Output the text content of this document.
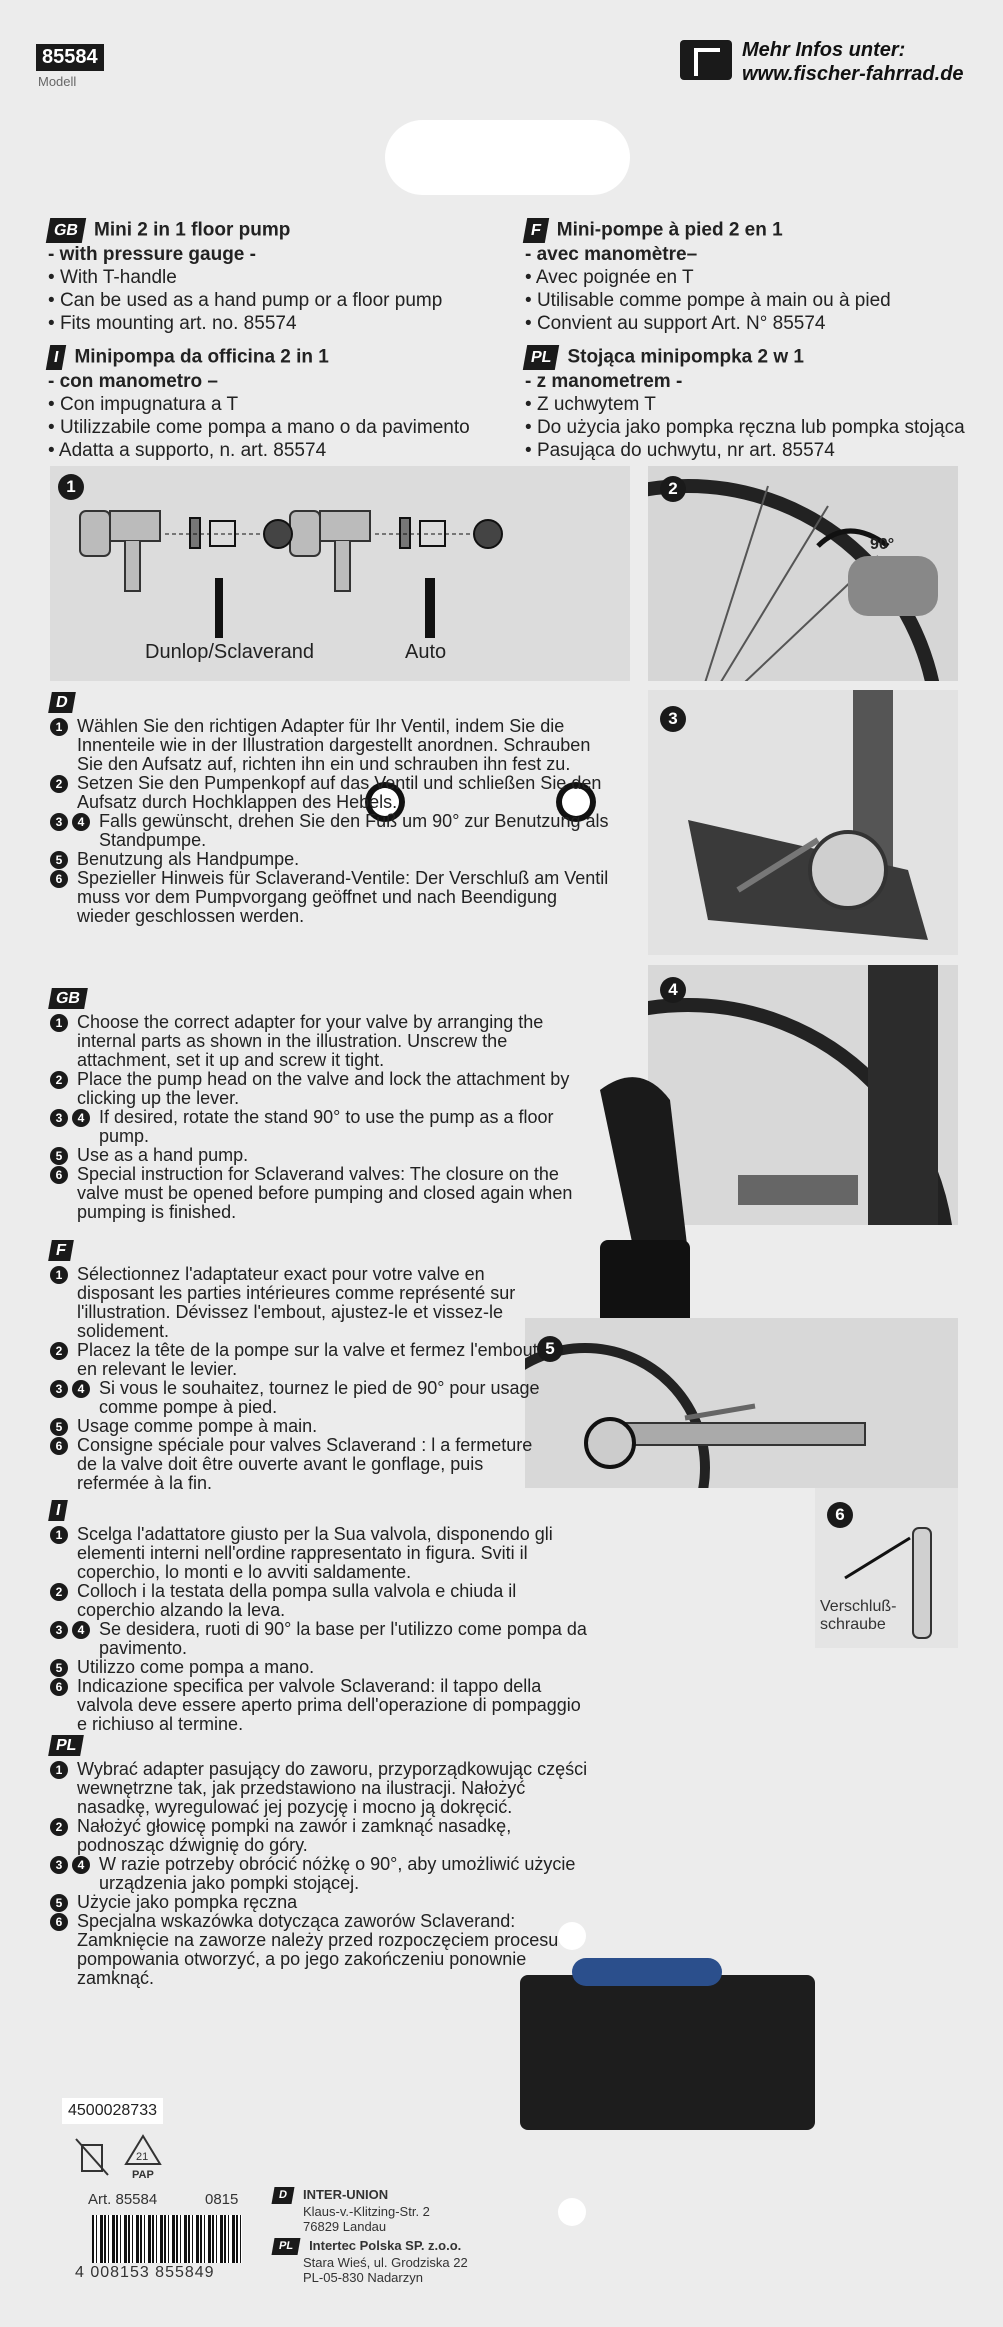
85584
Modell
Mehr Infos unter:
www.fischer-fahrrad.de
GB Mini 2 in 1 floor pump
- with pressure gauge -
• With T-handle
• Can be used as a hand pump or a floor pump
• Fits mounting art. no. 85574
F Mini-pompe à pied 2 en 1
- avec manomètre–
• Avec poignée en T
• Utilisable comme pompe à main ou à pied
• Convient au support Art. N° 85574
I Minipompa da officina 2 in 1
- con manometro –
• Con impugnatura a T
• Utilizzabile come pompa a mano o da pavimento
• Adatta a supporto, n. art. 85574
PL Stojąca minipompka 2 w 1
- z manometrem -
• Z uchwytem T
• Do użycia jako pompka ręczna lub pompka stojąca
• Pasująca do uchwytu, nr art. 85574
1
Dunlop/Sclaverand	Auto
2
90°
3
4
5
6
Verschluß-
schraube
D
1 Wählen Sie den richtigen Adapter für Ihr Ventil, indem Sie die Innenteile wie in der Illustration dargestellt anordnen. Schrauben Sie den Aufsatz auf, richten ihn ein und schrauben ihn fest zu.
2 Setzen Sie den Pumpenkopf auf das Ventil und schließen Sie den Aufsatz durch Hochklappen des Hebels.
3	4 Falls gewünscht, drehen Sie den Fuß um 90° zur Benutzung als Standpumpe.
5 Benutzung als Handpumpe.
6 Spezieller Hinweis für Sclaverand-Ventile: Der Verschluß am Ventil muss vor dem Pumpvorgang geöffnet und nach Beendigung wieder geschlossen werden.
GB
1 Choose the correct adapter for your valve by arranging the internal parts as shown in the illustration. Unscrew the attachment, set it up and screw it tight.
2 Place the pump head on the valve and lock the attachment by clicking up the lever.
3	4 If desired, rotate the stand 90° to use the pump as a floor pump.
5 Use as a hand pump.
6 Special instruction for Sclaverand valves: The closure on the valve must be opened before pumping and closed again when pumping is finished.
F
1 Sélectionnez l'adaptateur exact pour votre valve en disposant les parties intérieures comme représenté sur l'illustration. Dévissez l'embout, ajustez-le et vissez-le solidement.
2 Placez la tête de la pompe sur la valve et fermez l'embout en relevant le levier.
3	4 Si vous le souhaitez, tournez le pied de 90° pour usage comme pompe à pied.
5 Usage comme pompe à main.
6 Consigne spéciale pour valves Sclaverand : l a fermeture de la valve doit être ouverte avant le gonflage, puis refermée à la fin.
I
1 Scelga l'adattatore giusto per la Sua valvola, disponendo gli elementi interni nell'ordine rappresentato in figura. Sviti il coperchio, lo monti e lo avviti saldamente.
2 Colloch i la testata della pompa sulla valvola e chiuda il coperchio alzando la leva.
3	4 Se desidera, ruoti di 90° la base per l'utilizzo come pompa da pavimento.
5 Utilizzo come pompa a mano.
6 Indicazione specifica per valvole Sclaverand: il tappo della valvola deve essere aperto prima dell'operazione di pompaggio e richiuso al termine.
PL
1 Wybrać adapter pasujący do zaworu, przyporządkowując części wewnętrzne tak, jak przedstawiono na ilustracji. Nałożyć nasadkę, wyregulować jej pozycję i mocno ją dokręcić.
2 Nałożyć głowicę pompki na zawór i zamknąć nasadkę, podnosząc dźwignię do góry.
3	4 W razie potrzeby obrócić nóżkę o 90°, aby umożliwić użycie urządzenia jako pompki stojącej.
5 Użycie jako pompka ręczna
6 Specjalna wskazówka dotycząca zaworów Sclaverand: Zamknięcie na zaworze należy przed rozpoczęciem procesu pompowania otworzyć, a po jego zakończeniu ponownie zamknąć.
4500028733
21
PAP
Art. 85584	0815
4 008153 855849
D INTER-UNION
Klaus-v.-Klitzing-Str. 2
76829 Landau
PL Intertec Polska SP. z.o.o.
Stara Wieś, ul. Grodziska 22
PL-05-830 Nadarzyn
